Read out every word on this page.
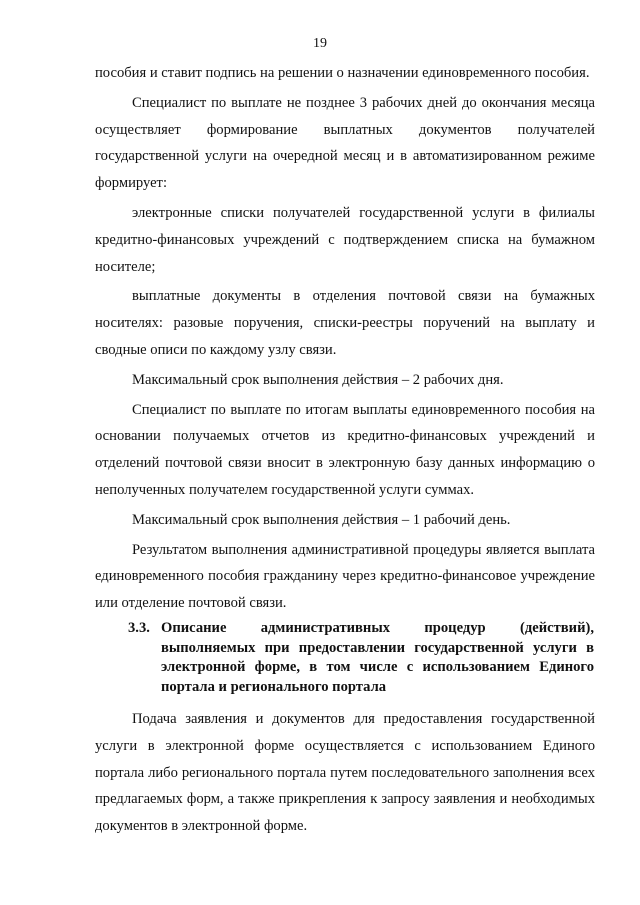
19

пособия и ставит подпись на решении о назначении единовременного пособия.

Специалист по выплате не позднее 3 рабочих дней до окончания месяца осуществляет формирование выплатных документов получателей государственной услуги на очередной месяц и в автоматизированном режиме формирует:

электронные списки получателей государственной услуги в филиалы кредитно-финансовых учреждений с подтверждением списка на бумажном носителе;

выплатные документы в отделения почтовой связи на бумажных носителях: разовые поручения, списки-реестры поручений на выплату и сводные описи по каждому узлу связи.

Максимальный срок выполнения действия – 2 рабочих дня.

Специалист по выплате по итогам выплаты единовременного пособия на основании получаемых отчетов из кредитно-финансовых учреждений и отделений почтовой связи вносит в электронную базу данных информацию о неполученных получателем государственной услуги суммах.

Максимальный срок выполнения действия – 1 рабочий день.

Результатом выполнения административной процедуры является выплата единовременного пособия гражданину через кредитно-финансовое учреждение или отделение почтовой связи.

3.3. Описание административных процедур (действий), выполняемых при предоставлении государственной услуги в электронной форме, в том числе с использованием Единого портала и регионального портала

Подача заявления и документов для предоставления государственной услуги в электронной форме осуществляется с использованием Единого портала либо регионального портала путем последовательного заполнения всех предлагаемых форм, а также прикрепления к запросу заявления и необходимых документов в электронной форме.
